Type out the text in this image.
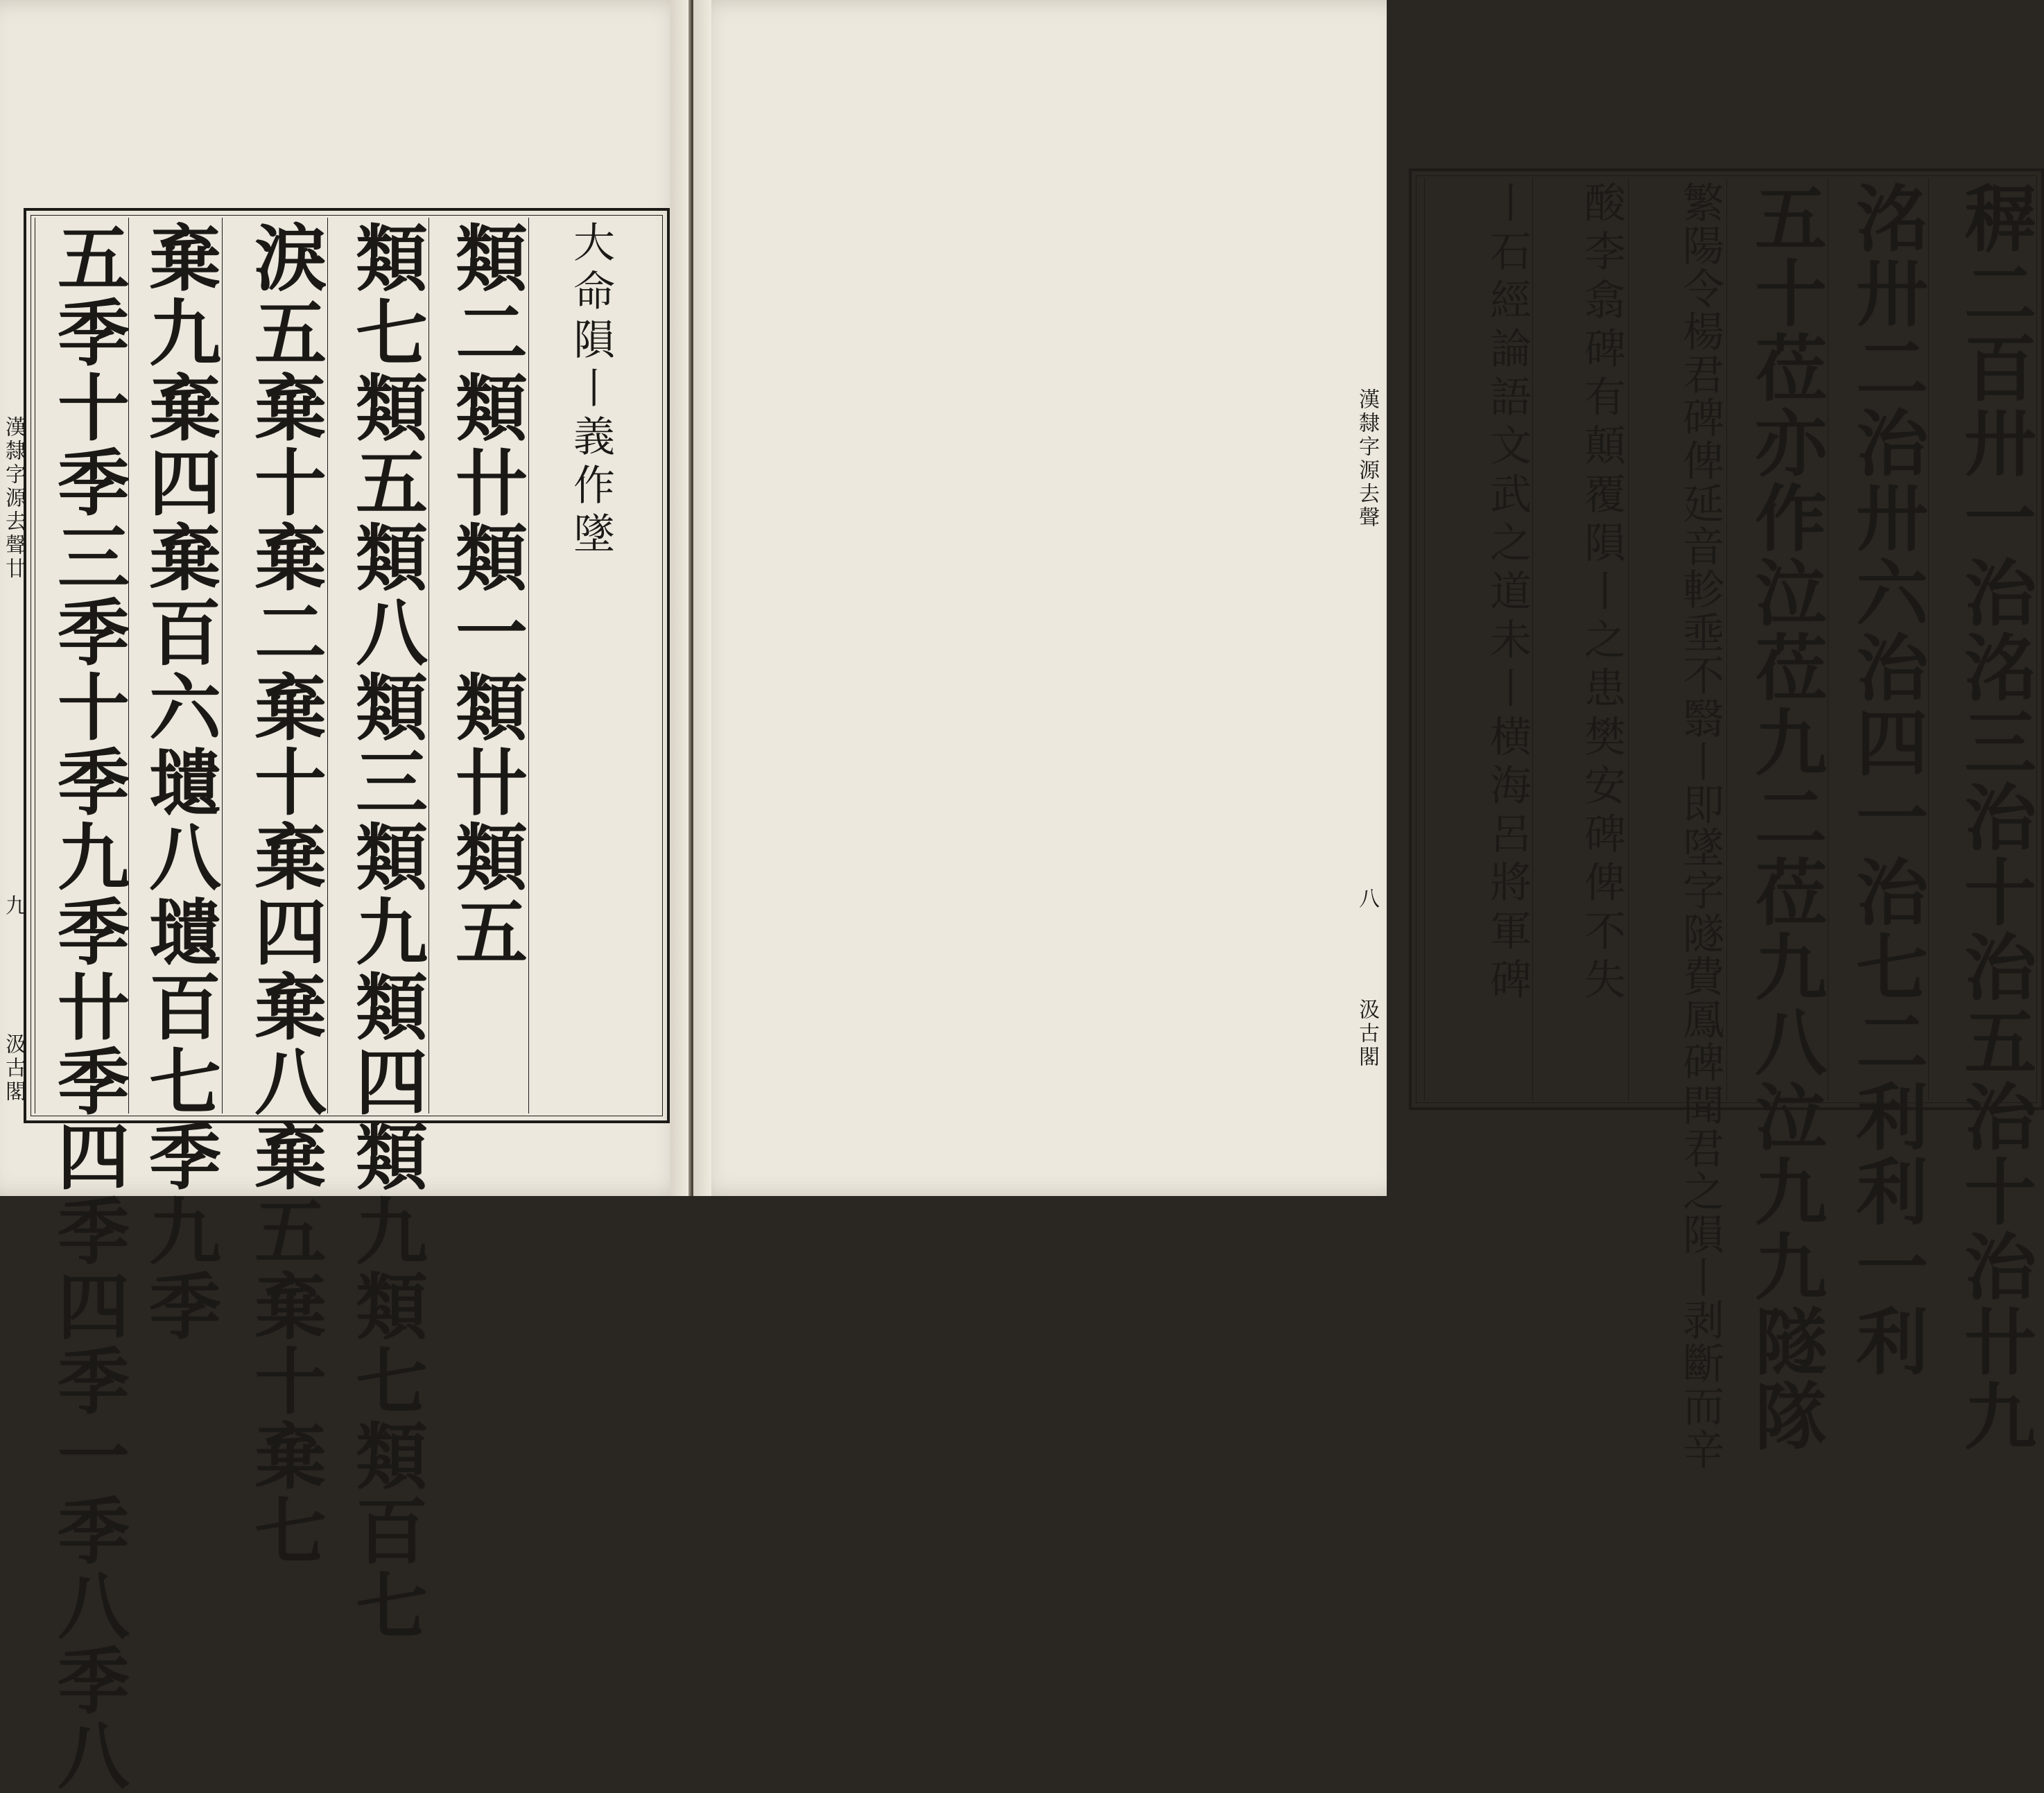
大命隕丨義作墜
類二類卄類一類卄類五
類七類五類八類三類九類四類九類七類百七
淚五棄十棄二棄十棄四棄八棄五棄十棄七
棄九棄四棄百六壝八壝百七季九季
五季十季三季十季九季卄季四季四季一季八季八
漢隸字源去聲廿
九
汲古閣	稺二百卅一治洺三治十治五治十治卄九
洺卅二治卅六治四一治七二利利一利
五十莅亦作泣莅九二莅九八泣九九隧隊
繁陽令楊君碑俾延音軫埀不翳丨即墜字隧費鳳碑聞君之隕丨剥斷而辛
酸李翕碑有顛覆隕丨之患樊安碑俾不失
丨石經論語文武之道未丨横海呂將軍碑
漢隸字源去聲
八
汲古閣
